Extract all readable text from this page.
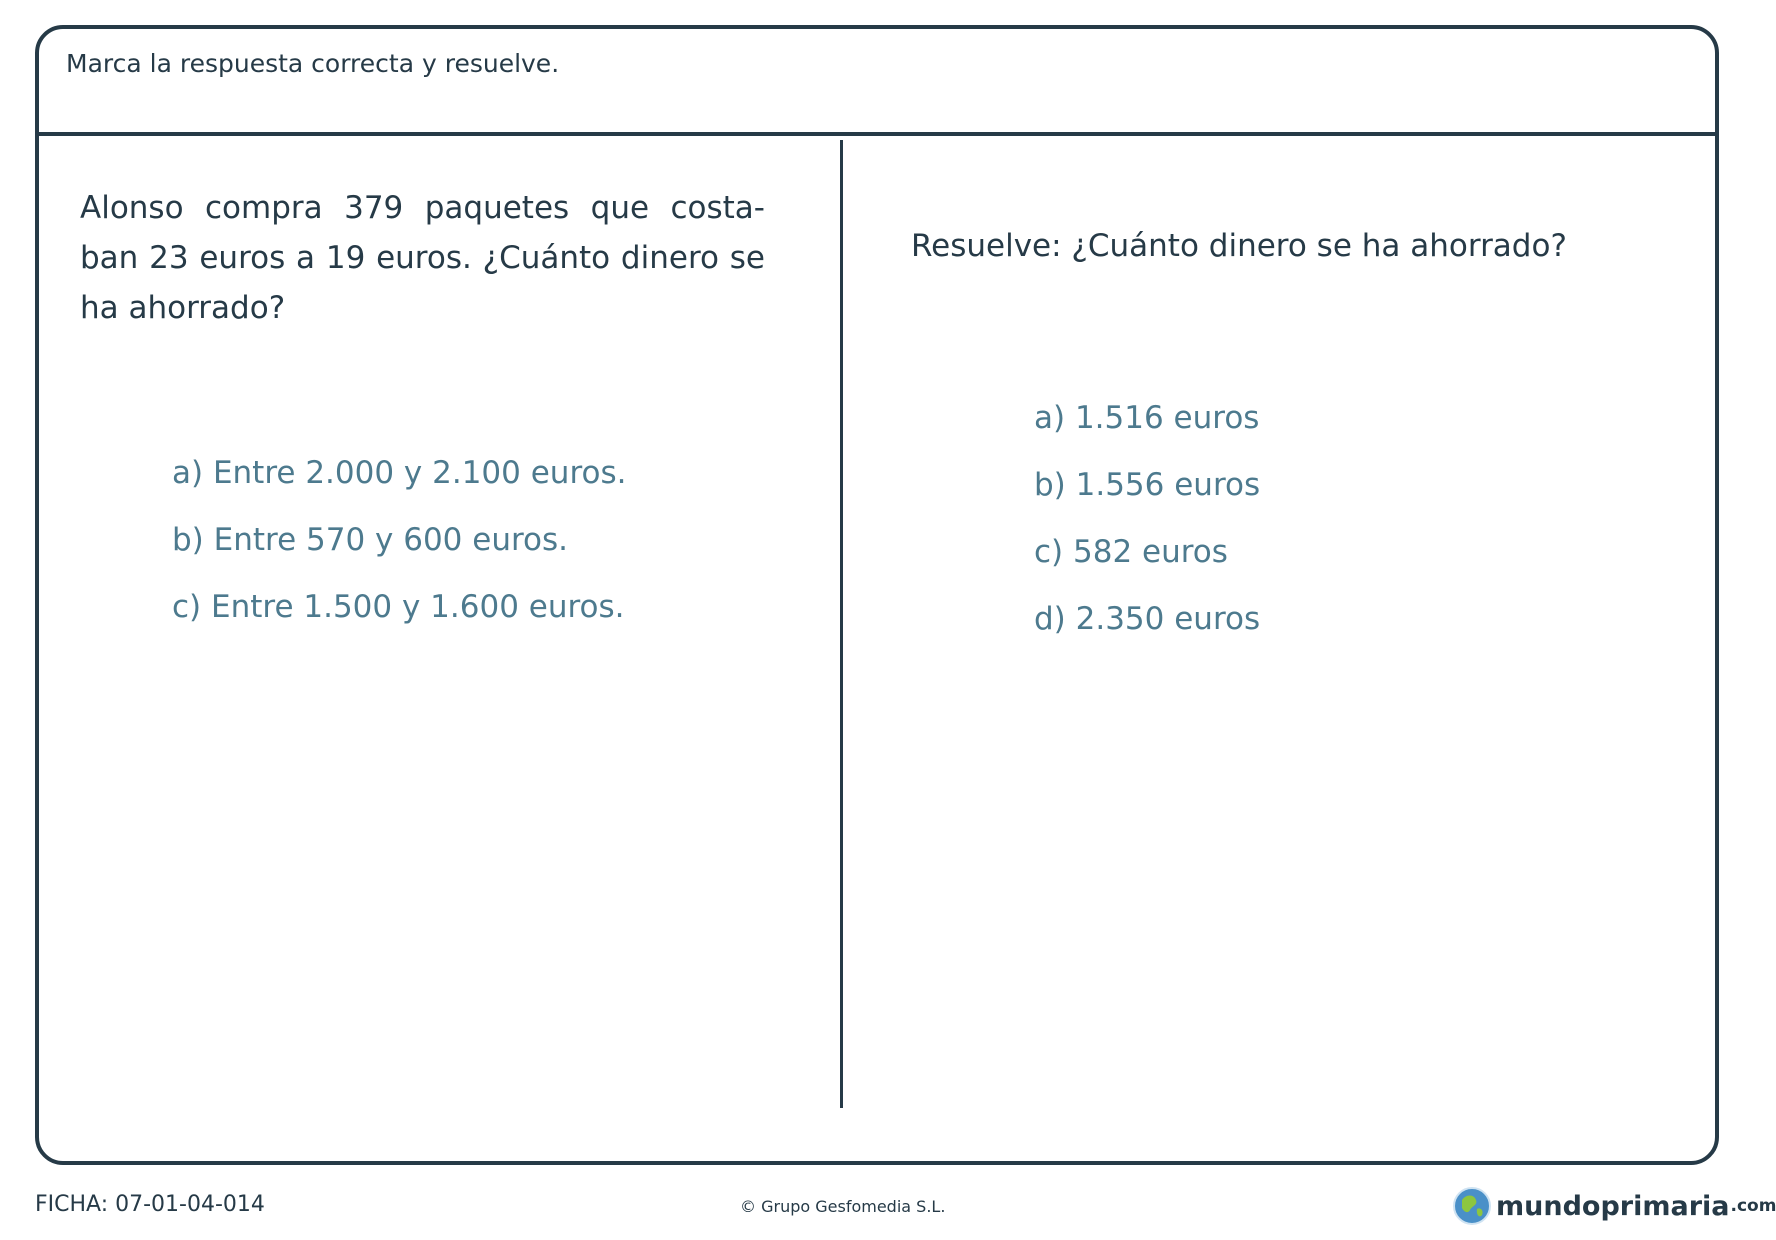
Marca la respuesta correcta y resuelve.
Alonso compra 379 paquetes que costa-ban 23 euros a 19 euros. ¿Cuánto dinero se ha ahorrado?
a) Entre 2.000 y 2.100 euros.
b) Entre 570 y 600 euros.
c) Entre 1.500 y 1.600 euros.
Resuelve: ¿Cuánto dinero se ha ahorrado?
a) 1.516 euros
b) 1.556 euros
c) 582 euros
d) 2.350 euros
FICHA: 07-01-04-014	© Grupo Gesfomedia S.L.	mundoprimaria .com
